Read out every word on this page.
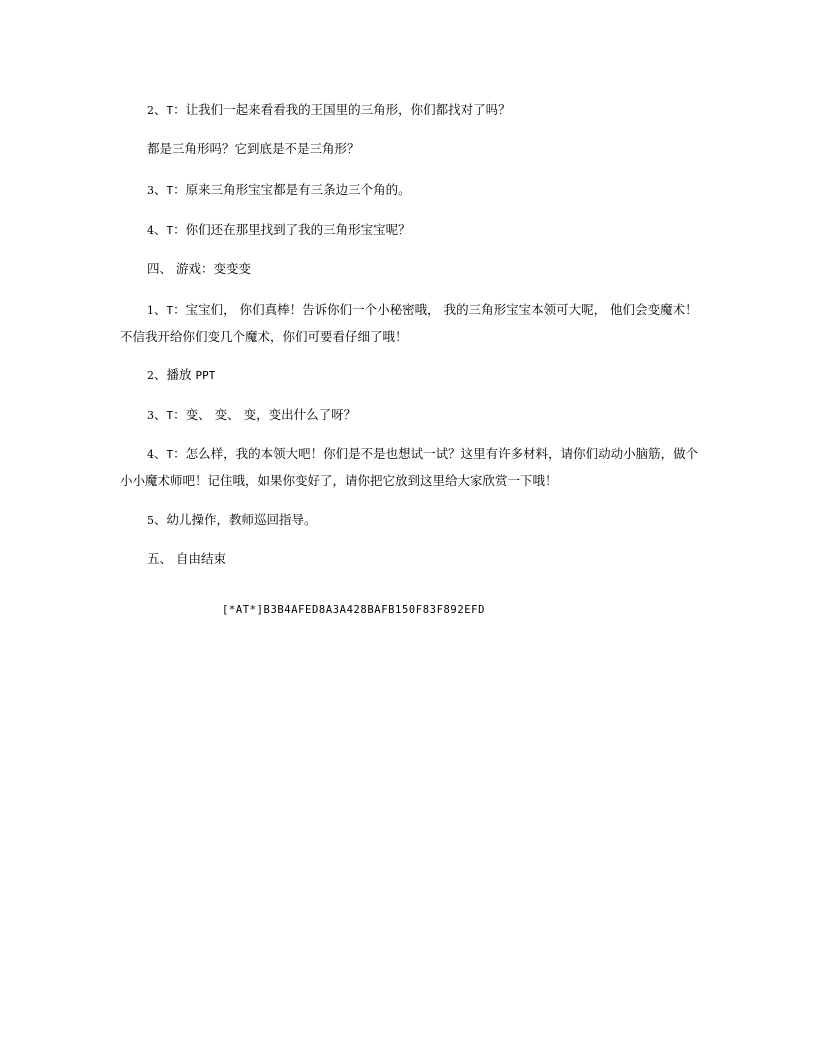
2、T：让我们一起来看看我的王国里的三角形，你们都找对了吗？
都是三角形吗？它到底是不是三角形？
3、T：原来三角形宝宝都是有三条边三个角的。
4、T：你们还在那里找到了我的三角形宝宝呢？
四、 游戏：变变变
1、T：宝宝们， 你们真棒！告诉你们一个小秘密哦， 我的三角形宝宝本领可大呢， 他们会变魔术！不信我开给你们变几个魔术，你们可要看仔细了哦！
2、播放 PPT
3、T：变、 变、 变，变出什么了呀？
4、T：怎么样，我的本领大吧！你们是不是也想试一试？这里有许多材料，请你们动动小脑筋，做个小小魔术师吧！记住哦，如果你变好了，请你把它放到这里给大家欣赏一下哦！
5、幼儿操作，教师巡回指导。
五、 自由结束
[*AT*]B3B4AFED8A3A428BAFB150F83F892EFD
